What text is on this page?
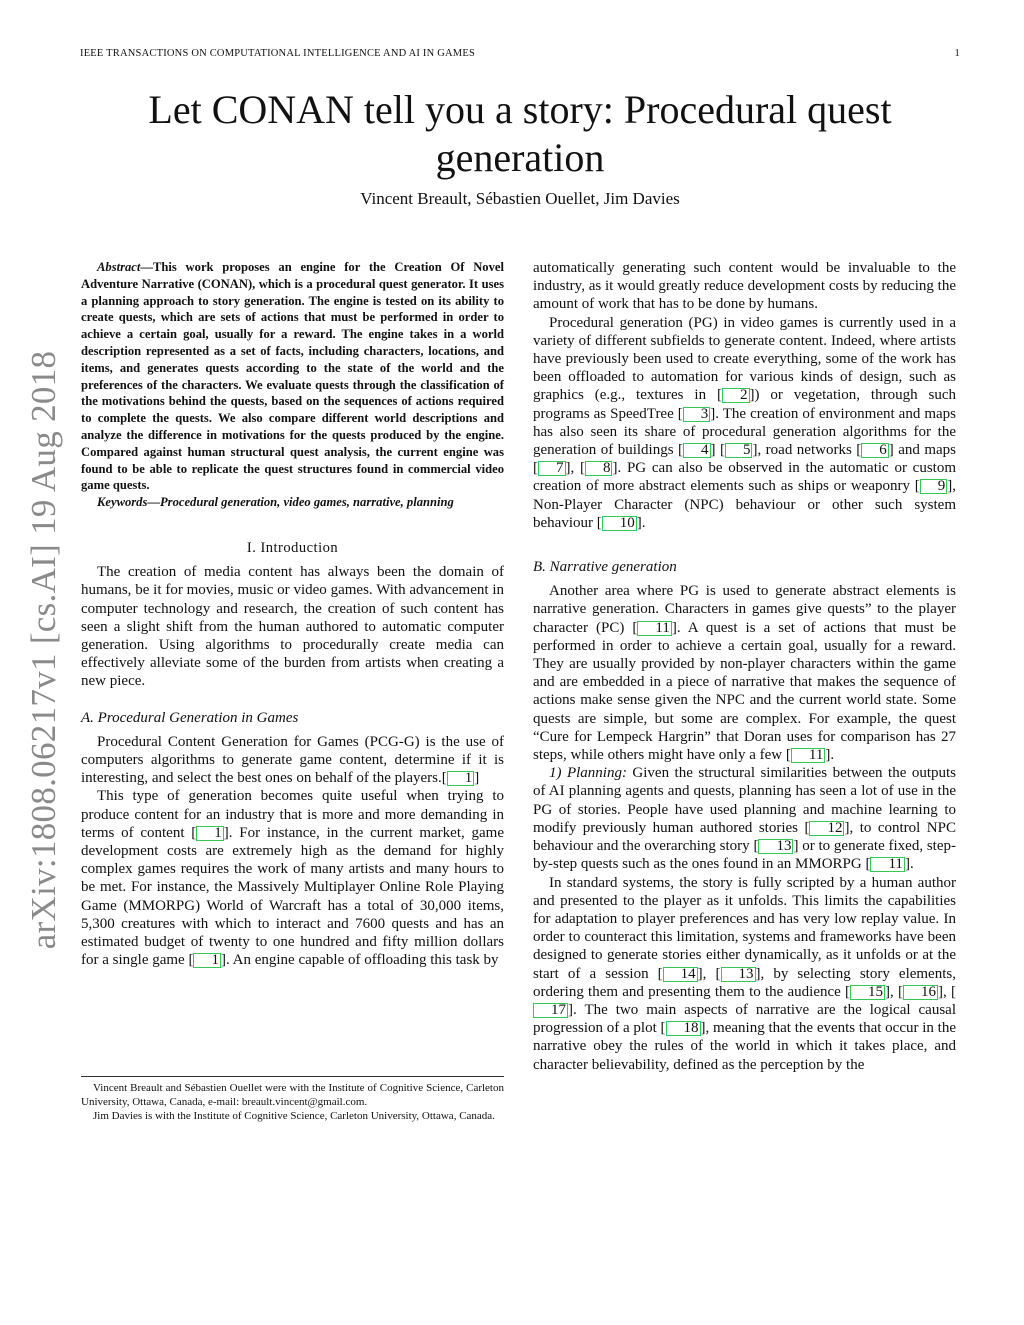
IEEE TRANSACTIONS ON COMPUTATIONAL INTELLIGENCE AND AI IN GAMES	1
Let CONAN tell you a story: Procedural quest generation
Vincent Breault, Sébastien Ouellet, Jim Davies
arXiv:1808.06217v1 [cs.AI] 19 Aug 2018

Abstract—This work proposes an engine for the Creation Of Novel Adventure Narrative (CONAN), which is a procedural quest generator. It uses a planning approach to story generation. The engine is tested on its ability to create quests, which are sets of actions that must be performed in order to achieve a certain goal, usually for a reward. The engine takes in a world description represented as a set of facts, including characters, locations, and items, and generates quests according to the state of the world and the preferences of the characters. We evaluate quests through the classification of the motivations behind the quests, based on the sequences of actions required to complete the quests. We also compare different world descriptions and analyze the difference in motivations for the quests produced by the engine. Compared against human structural quest analysis, the current engine was found to be able to replicate the quest structures found in commercial video game quests.

Keywords—Procedural generation, video games, narrative, planning

I. Introduction

The creation of media content has always been the domain of humans, be it for movies, music or video games. With advancement in computer technology and research, the creation of such content has seen a slight shift from the human authored to automatic computer generation. Using algorithms to procedurally create media can effectively alleviate some of the burden from artists when creating a new piece.

A. Procedural Generation in Games

Procedural Content Generation for Games (PCG-G) is the use of computers algorithms to generate game content, determine if it is interesting, and select the best ones on behalf of the players.[ 1 ]

This type of generation becomes quite useful when trying to produce content for an industry that is more and more demanding in terms of content [ 1 ]. For instance, in the current market, game development costs are extremely high as the demand for highly complex games requires the work of many artists and many hours to be met. For instance, the Massively Multiplayer Online Role Playing Game (MMORPG) World of Warcraft has a total of 30,000 items, 5,300 creatures with which to interact and 7600 quests and has an estimated budget of twenty to one hundred and fifty million dollars for a single game [ 1 ]. An engine capable of offloading this task by

Vincent Breault and Sébastien Ouellet were with the Institute of Cognitive Science, Carleton University, Ottawa, Canada, e-mail: breault.vincent@gmail.com.

Jim Davies is with the Institute of Cognitive Science, Carleton University, Ottawa, Canada.

automatically generating such content would be invaluable to the industry, as it would greatly reduce development costs by reducing the amount of work that has to be done by humans.

Procedural generation (PG) in video games is currently used in a variety of different subfields to generate content. Indeed, where artists have previously been used to create everything, some of the work has been offloaded to automation for various kinds of design, such as graphics (e.g., textures in [ 2 ]) or vegetation, through such programs as SpeedTree [ 3 ]. The creation of environment and maps has also seen its share of procedural generation algorithms for the generation of buildings [ 4 ] [ 5 ], road networks [ 6 ] and maps [ 7 ], [ 8 ]. PG can also be observed in the automatic or custom creation of more abstract elements such as ships or weaponry [ 9 ], Non-Player Character (NPC) behaviour or other such system behaviour [ 10 ].

B. Narrative generation

Another area where PG is used to generate abstract elements is narrative generation. Characters in games give quests” to the player character (PC) [ 11 ]. A quest is a set of actions that must be performed in order to achieve a certain goal, usually for a reward. They are usually provided by non-player characters within the game and are embedded in a piece of narrative that makes the sequence of actions make sense given the NPC and the current world state. Some quests are simple, but some are complex. For example, the quest “Cure for Lempeck Hargrin” that Doran uses for comparison has 27 steps, while others might have only a few [ 11 ].

1) Planning: Given the structural similarities between the outputs of AI planning agents and quests, planning has seen a lot of use in the PG of stories. People have used planning and machine learning to modify previously human authored stories [ 12 ], to control NPC behaviour and the overarching story [ 13 ] or to generate fixed, step-by-step quests such as the ones found in an MMORPG [ 11 ].

In standard systems, the story is fully scripted by a human author and presented to the player as it unfolds. This limits the capabilities for adaptation to player preferences and has very low replay value. In order to counteract this limitation, systems and frameworks have been designed to generate stories either dynamically, as it unfolds or at the start of a session [ 14 ], [ 13 ], by selecting story elements, ordering them and presenting them to the audience [ 15 ], [ 16 ], [17 ]. The two main aspects of narrative are the logical causal progression of a plot [ 18 ], meaning that the events that occur in the narrative obey the rules of the world in which it takes place, and character believability, defined as the perception by the
